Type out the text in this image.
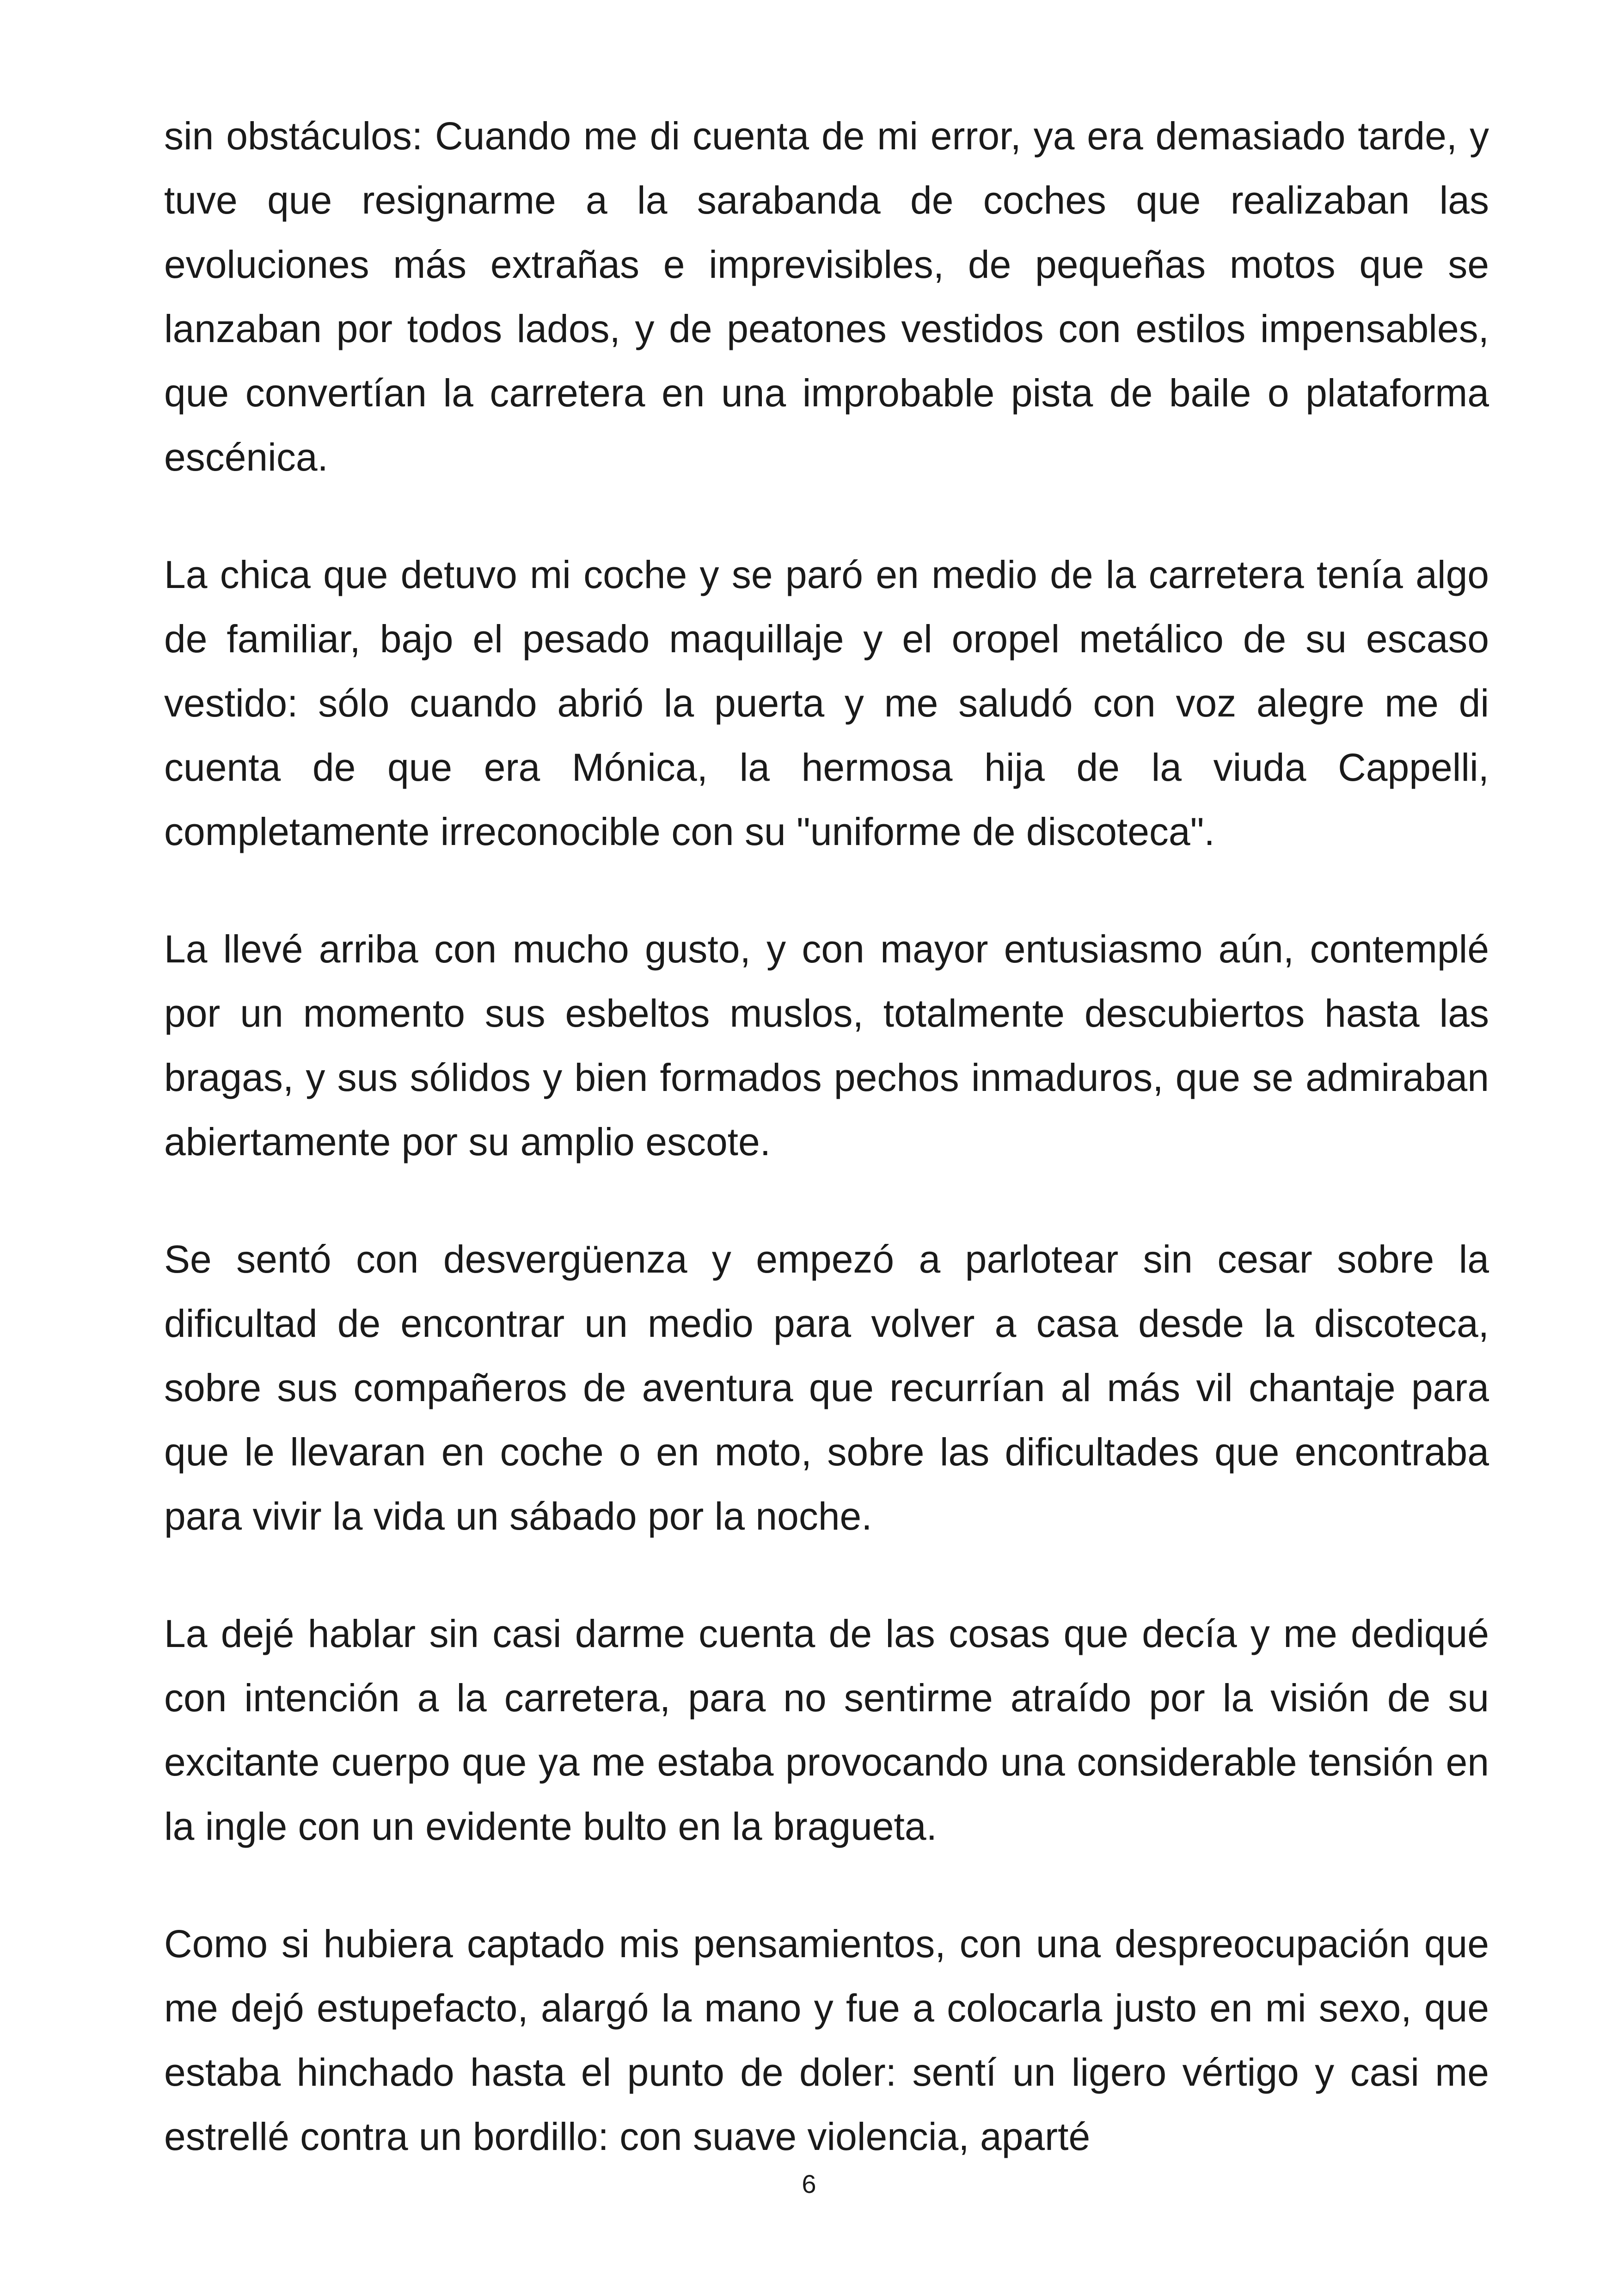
sin obstáculos: Cuando me di cuenta de mi error, ya era demasiado tarde, y tuve que resignarme a la sarabanda de coches que realizaban las evoluciones más extrañas e imprevisibles, de pequeñas motos que se lanzaban por todos lados, y de peatones vestidos con estilos impensables, que convertían la carretera en una improbable pista de baile o plataforma escénica.

La chica que detuvo mi coche y se paró en medio de la carretera tenía algo de familiar, bajo el pesado maquillaje y el oropel metálico de su escaso vestido: sólo cuando abrió la puerta y me saludó con voz alegre me di cuenta de que era Mónica, la hermosa hija de la viuda Cappelli, completamente irreconocible con su "uniforme de discoteca".

La llevé arriba con mucho gusto, y con mayor entusiasmo aún, contemplé por un momento sus esbeltos muslos, totalmente descubiertos hasta las bragas, y sus sólidos y bien formados pechos inmaduros, que se admiraban abiertamente por su amplio escote.

Se sentó con desvergüenza y empezó a parlotear sin cesar sobre la dificultad de encontrar un medio para volver a casa desde la discoteca, sobre sus compañeros de aventura que recurrían al más vil chantaje para que le llevaran en coche o en moto, sobre las dificultades que encontraba para vivir la vida un sábado por la noche.

La dejé hablar sin casi darme cuenta de las cosas que decía y me dediqué con intención a la carretera, para no sentirme atraído por la visión de su excitante cuerpo que ya me estaba provocando una considerable tensión en la ingle con un evidente bulto en la bragueta.

Como si hubiera captado mis pensamientos, con una despreocupación que me dejó estupefacto, alargó la mano y fue a colocarla justo en mi sexo, que estaba hinchado hasta el punto de doler: sentí un ligero vértigo y casi me estrellé contra un bordillo: con suave violencia, aparté

6
